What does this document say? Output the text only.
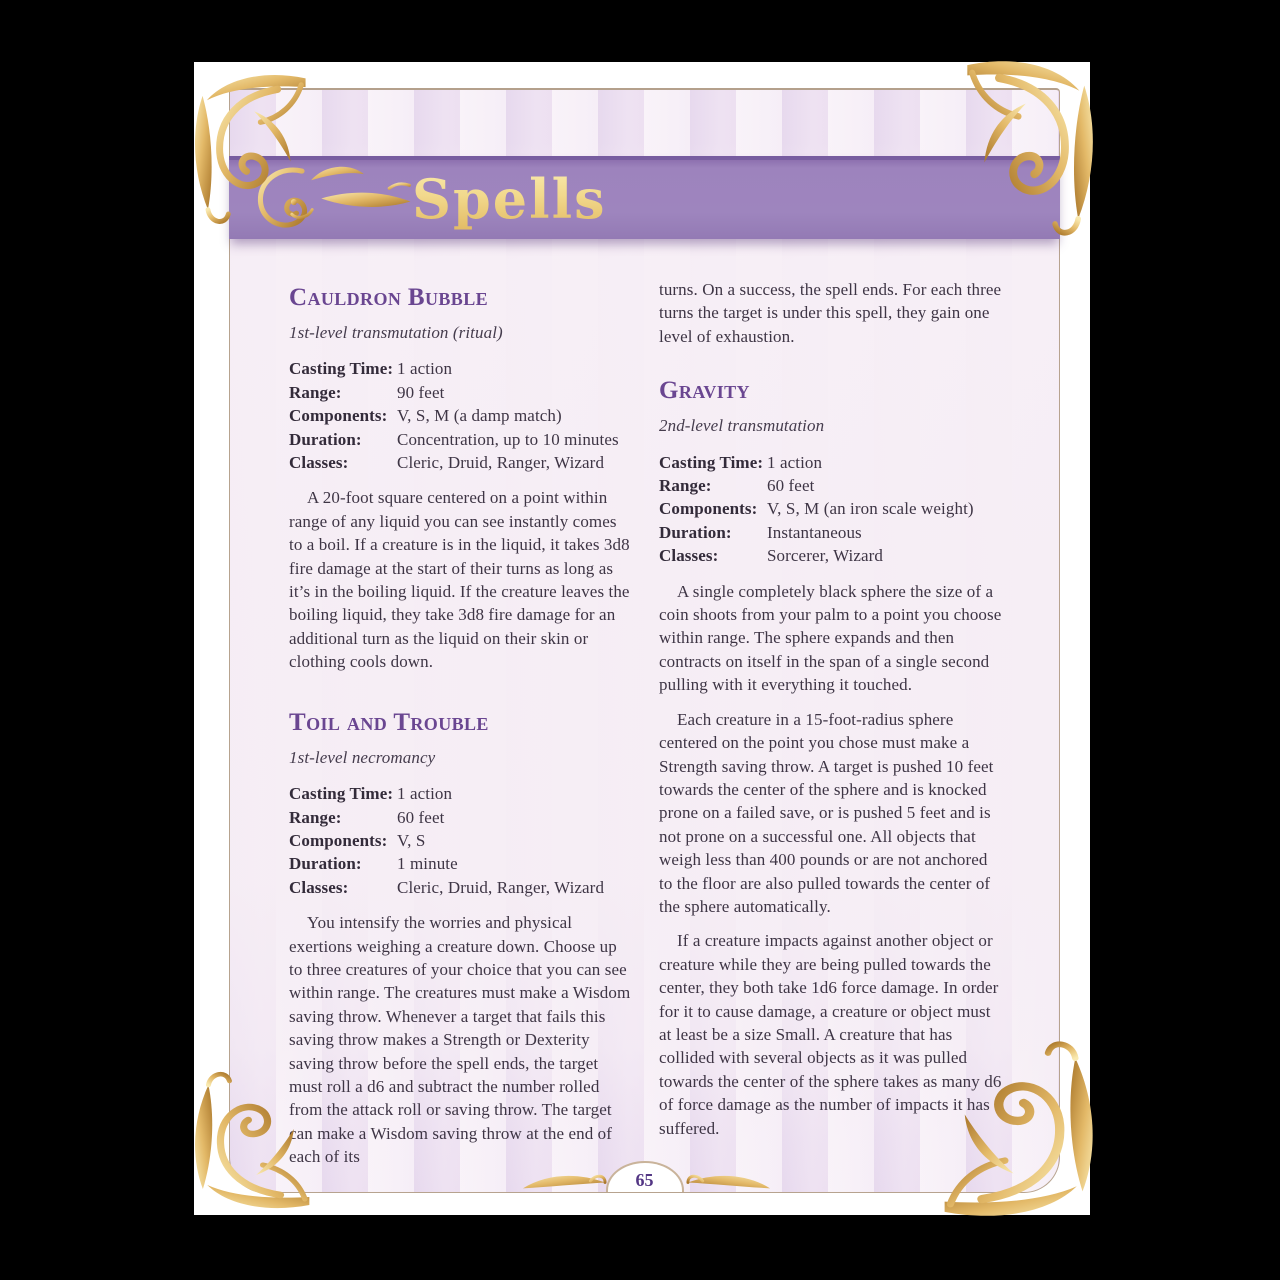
Spells
Cauldron Bubble
1st-level transmutation (ritual)
Casting Time: 1 action
Range:	90 feet
Components: V, S, M (a damp match)
Duration:	Concentration, up to 10 minutes
Classes:	Cleric, Druid, Ranger, Wizard

A 20-foot square centered on a point within range of any liquid you can see instantly comes to a boil. If a creature is in the liquid, it takes 3d8 fire damage at the start of their turns as long as it’s in the boiling liquid. If the creature leaves the boiling liquid, they take 3d8 fire damage for an additional turn as the liquid on their skin or clothing cools down.

Toil and Trouble
1st-level necromancy
Casting Time: 1 action
Range:	60 feet
Components: V, S
Duration:	1 minute
Classes:	Cleric, Druid, Ranger, Wizard

You intensify the worries and physical exertions weighing a creature down. Choose up to three creatures of your choice that you can see within range. The creatures must make a Wisdom saving throw. Whenever a target that fails this saving throw makes a Strength or Dexterity saving throw before the spell ends, the target must roll a d6 and subtract the number rolled from the attack roll or saving throw. The target can make a Wisdom saving throw at the end of each of its

turns. On a success, the spell ends. For each three turns the target is under this spell, they gain one level of exhaustion.

Gravity
2nd-level transmutation
Casting Time: 1 action
Range:	60 feet
Components: V, S, M (an iron scale weight)
Duration:	Instantaneous
Classes:	Sorcerer, Wizard

A single completely black sphere the size of a coin shoots from your palm to a point you choose within range. The sphere expands and then contracts on itself in the span of a single second pulling with it everything it touched.

Each creature in a 15-foot-radius sphere centered on the point you chose must make a Strength saving throw. A target is pushed 10 feet towards the center of the sphere and is knocked prone on a failed save, or is pushed 5 feet and is not prone on a successful one. All objects that weigh less than 400 pounds or are not anchored to the floor are also pulled towards the center of the sphere automatically.

If a creature impacts against another object or creature while they are being pulled towards the center, they both take 1d6 force damage. In order for it to cause damage, a creature or object must at least be a size Small. A creature that has collided with several objects as it was pulled towards the center of the sphere takes as many d6 of force damage as the number of impacts it has suffered.

65
